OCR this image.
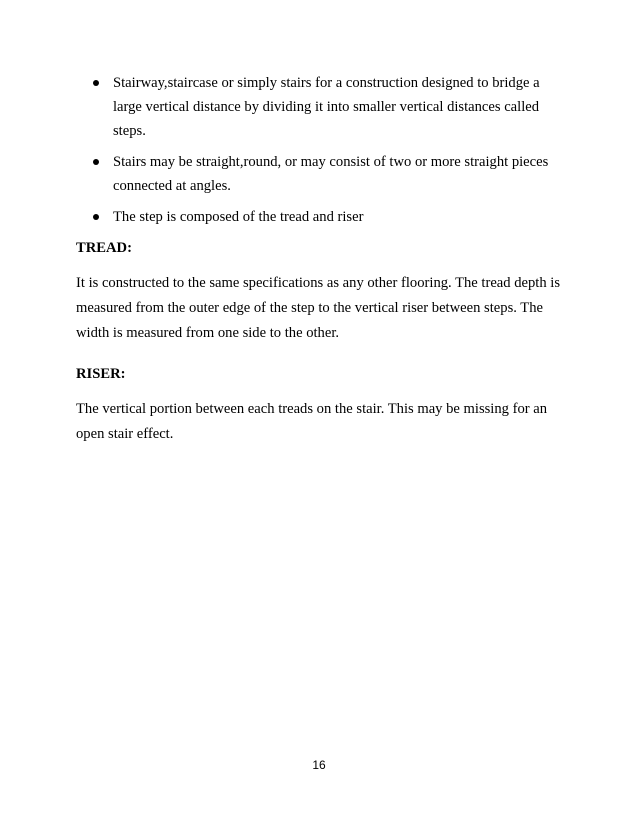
Stairway,staircase or simply stairs for a construction designed to bridge a large vertical distance by dividing it into smaller vertical distances called steps.
Stairs may be straight,round, or may consist of two or more straight pieces connected at angles.
The step is composed of the tread and riser
TREAD:

It is constructed to the same specifications as any other flooring. The tread depth is measured from the outer edge of the step to the vertical riser between steps. The width is measured from one side to the other.

RISER:

The vertical portion between each treads on the stair. This may be missing for an open stair effect.

16
